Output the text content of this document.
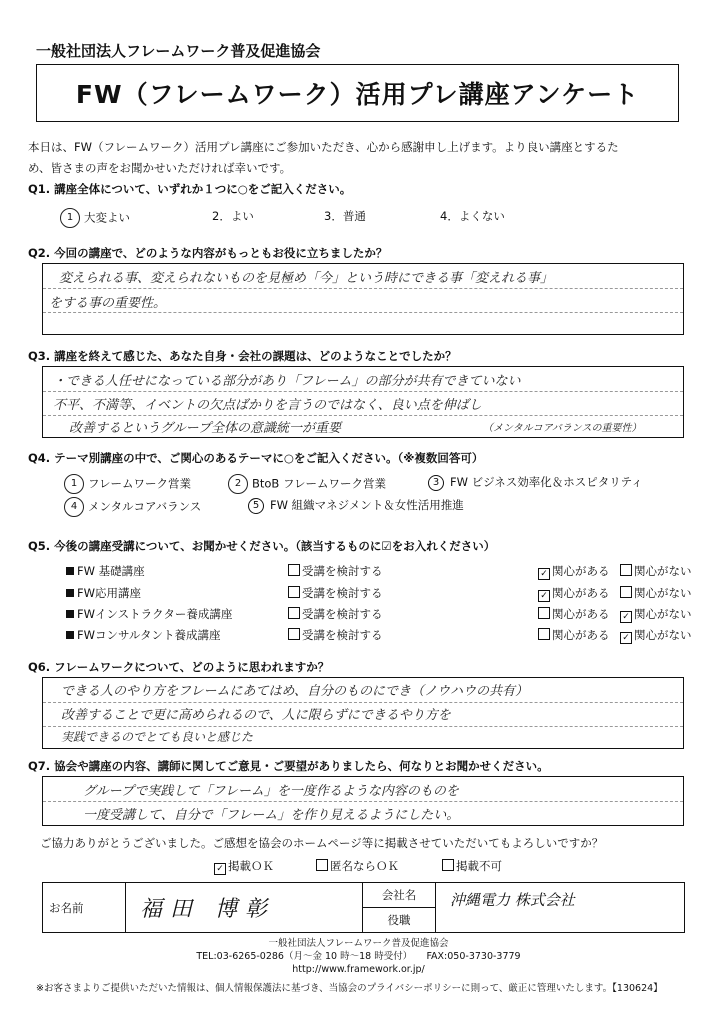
一般社団法人フレームワーク普及促進協会
FW（フレームワーク）活用プレ講座アンケート
本日は、FW（フレームワーク）活用プレ講座にご参加いただき、心から感謝申し上げます。より良い講座とするた
め、皆さまの声をお聞かせいただければ幸いです。
Q1. 講座全体について、いずれか１つに○をご記入ください。
1 大変よい	2．よい	3．普通	4．よくない
Q2. 今回の講座で、どのような内容がもっともお役に立ちましたか？
変えられる事、変えられないものを見極め「今」という時にできる事「変えれる事」
をする事の重要性。
Q3. 講座を終えて感じた、あなた自身・会社の課題は、どのようなことでしたか？
・できる人任せになっている部分があり「フレーム」の部分が共有できていない
不平、不満等、イベントの欠点ばかりを言うのではなく、良い点を伸ばし
改善するというグループ全体の意識統一が重要	（メンタルコアバランスの重要性）
Q4. テーマ別講座の中で、ご関心のあるテーマに○をご記入ください。（※複数回答可）
1 フレームワーク営業	2 BtoB フレームワーク営業	3 FW ビジネス効率化＆ホスピタリティ
4 メンタルコアバランス	5 FW 組織マネジメント＆女性活用推進
Q5. 今後の講座受講について、お聞かせください。（該当するものに☑をお入れください）
FW 基礎講座	受講を検討する	✓ 関心がある	関心がない
FW応用講座	受講を検討する	✓ 関心がある	関心がない
FWインストラクター養成講座	受講を検討する	関心がある ✓ 関心がない
FWコンサルタント養成講座	受講を検討する	関心がある ✓ 関心がない
Q6. フレームワークについて、どのように思われますか？
できる人のやり方をフレームにあてはめ、自分のものにでき（ノウハウの共有）
改善することで更に高められるので、人に限らずにできるやり方を
実践できるのでとても良いと感じた
Q7. 協会や講座の内容、講師に関してご意見・ご要望がありましたら、何なりとお聞かせください。
グループで実践して「フレーム」を一度作るような内容のものを
一度受講して、自分で「フレーム」を作り見えるようにしたい。
ご協力ありがとうございました。ご感想を協会のホームページ等に掲載させていただいてもよろしいですか？
✓ 掲載ＯＫ	匿名ならＯＫ	掲載不可
お名前	福田 博彰	会社名	沖縄電力 株式会社
役職
一般社団法人フレームワーク普及促進協会
TEL:03-6265-0286（月～金 10 時～18 時受付）　　FAX:050-3730-3779
http://www.framework.or.jp/
※お客さまよりご提供いただいた情報は、個人情報保護法に基づき、当協会のプライバシーポリシーに則って、厳正に管理いたします。【130624】
